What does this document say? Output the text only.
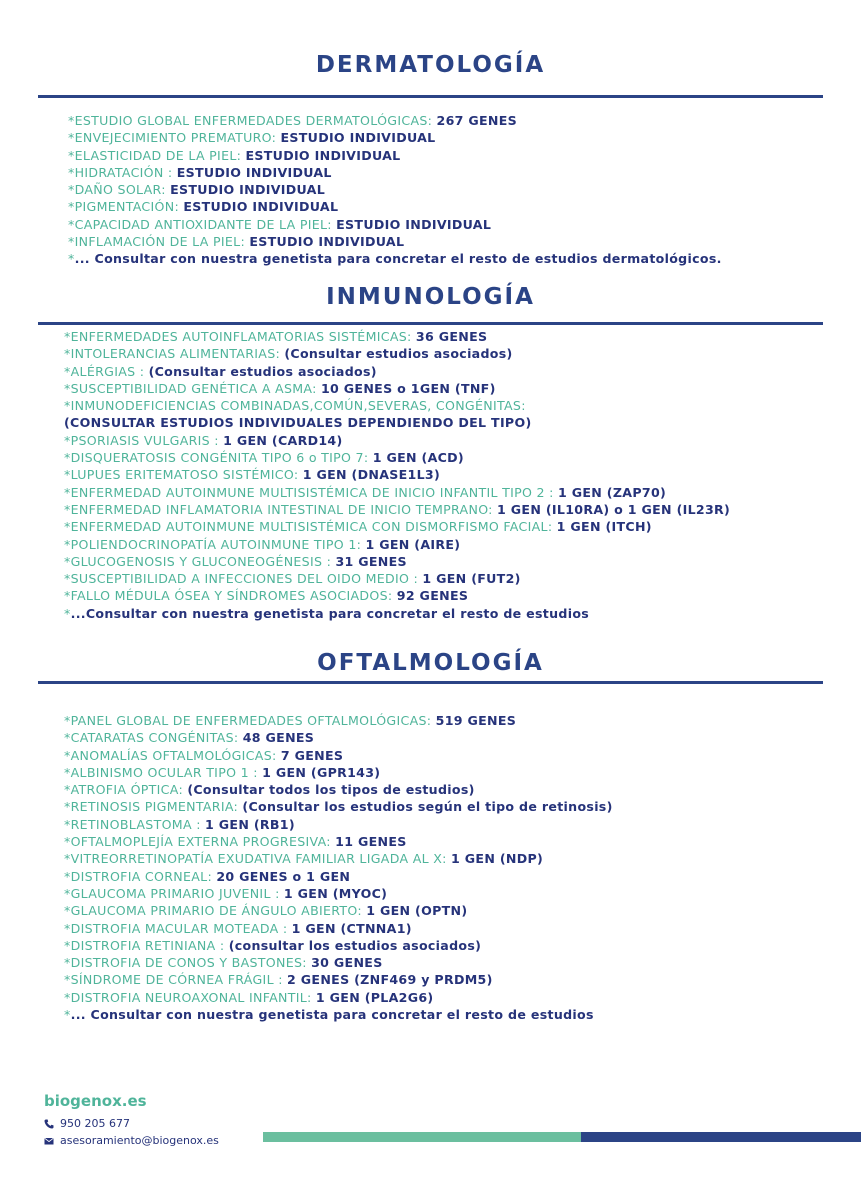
DERMATOLOGÍA
*ESTUDIO GLOBAL ENFERMEDADES DERMATOLÓGICAS: 267 GENES
*ENVEJECIMIENTO PREMATURO: ESTUDIO INDIVIDUAL
*ELASTICIDAD DE LA PIEL: ESTUDIO INDIVIDUAL
*HIDRATACIÓN : ESTUDIO INDIVIDUAL
*DAÑO SOLAR: ESTUDIO INDIVIDUAL
*PIGMENTACIÓN: ESTUDIO INDIVIDUAL
*CAPACIDAD ANTIOXIDANTE DE LA PIEL: ESTUDIO INDIVIDUAL
*INFLAMACIÓN DE LA PIEL: ESTUDIO INDIVIDUAL
*... Consultar con nuestra genetista para concretar el resto de estudios dermatológicos.
INMUNOLOGÍA
*ENFERMEDADES AUTOINFLAMATORIAS SISTÉMICAS: 36 GENES
*INTOLERANCIAS ALIMENTARIAS: (Consultar estudios asociados)
*ALÉRGIAS : (Consultar estudios asociados)
*SUSCEPTIBILIDAD GENÉTICA A ASMA: 10 GENES o 1GEN (TNF)
*INMUNODEFICIENCIAS COMBINADAS,COMÚN,SEVERAS, CONGÉNITAS:
(CONSULTAR ESTUDIOS INDIVIDUALES DEPENDIENDO DEL TIPO)
*PSORIASIS VULGARIS : 1 GEN (CARD14)
*DISQUERATOSIS CONGÉNITA TIPO 6 o TIPO 7: 1 GEN (ACD)
*LUPUES ERITEMATOSO SISTÉMICO: 1 GEN (DNASE1L3)
*ENFERMEDAD AUTOINMUNE MULTISISTÉMICA DE INICIO INFANTIL TIPO 2 : 1 GEN (ZAP70)
*ENFERMEDAD INFLAMATORIA INTESTINAL DE INICIO TEMPRANO: 1 GEN (IL10RA) o 1 GEN (IL23R)
*ENFERMEDAD AUTOINMUNE MULTISISTÉMICA CON DISMORFISMO FACIAL: 1 GEN (ITCH)
*POLIENDOCRINOPATÍA AUTOINMUNE TIPO 1: 1 GEN (AIRE)
*GLUCOGENOSIS Y GLUCONEOGÉNESIS : 31 GENES
*SUSCEPTIBILIDAD A INFECCIONES DEL OIDO MEDIO : 1 GEN (FUT2)
*FALLO MÉDULA ÓSEA Y SÍNDROMES ASOCIADOS: 92 GENES
*...Consultar con nuestra genetista para concretar el resto de estudios
OFTALMOLOGÍA
*PANEL GLOBAL DE ENFERMEDADES OFTALMOLÓGICAS: 519 GENES
*CATARATAS CONGÉNITAS: 48 GENES
*ANOMALÍAS OFTALMOLÓGICAS: 7 GENES
*ALBINISMO OCULAR TIPO 1 : 1 GEN (GPR143)
*ATROFIA ÓPTICA: (Consultar todos los tipos de estudios)
*RETINOSIS PIGMENTARIA: (Consultar los estudios según el tipo de retinosis)
*RETINOBLASTOMA : 1 GEN (RB1)
*OFTALMOPLEJÍA EXTERNA PROGRESIVA: 11 GENES
*VITREORRETINOPATÍA EXUDATIVA FAMILIAR LIGADA AL X: 1 GEN (NDP)
*DISTROFIA CORNEAL: 20 GENES o 1 GEN
*GLAUCOMA PRIMARIO JUVENIL : 1 GEN (MYOC)
*GLAUCOMA PRIMARIO DE ÁNGULO ABIERTO: 1 GEN (OPTN)
*DISTROFIA MACULAR MOTEADA : 1 GEN (CTNNA1)
*DISTROFIA RETINIANA : (consultar los estudios asociados)
*DISTROFIA DE CONOS Y BASTONES: 30 GENES
*SÍNDROME DE CÓRNEA FRÁGIL : 2 GENES (ZNF469 y PRDM5)
*DISTROFIA NEUROAXONAL INFANTIL: 1 GEN (PLA2G6)
*... Consultar con nuestra genetista para concretar el resto de estudios
biogenox.es
950 205 677
asesoramiento@biogenox.es
